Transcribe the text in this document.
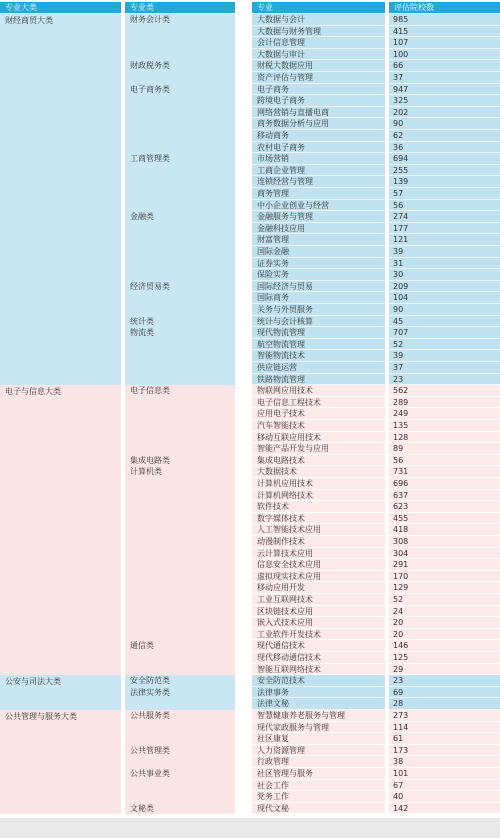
专业大类	专业类	专业	评估院校数
财经商贸大类	财务会计类	大数据与会计	985
大数据与财务管理	415
会计信息管理	107
大数据与审计	100
财政税务类	财税大数据应用	66
资产评估与管理	37
电子商务类	电子商务	947
跨境电子商务	325
网络营销与直播电商	202
商务数据分析与应用	90
移动商务	62
农村电子商务	36
工商管理类	市场营销	694
工商企业管理	255
连锁经营与管理	139
商务管理	57
中小企业创业与经营	56
金融类	金融服务与管理	274
金融科技应用	177
财富管理	121
国际金融	39
证券实务	31
保险实务	30
经济贸易类	国际经济与贸易	209
国际商务	104
关务与外贸服务	90
统计类	统计与会计核算	45
物流类	现代物流管理	707
航空物流管理	52
智能物流技术	39
供应链运营	37
铁路物流管理	23
电子与信息大类	电子信息类	物联网应用技术	562
电子信息工程技术	289
应用电子技术	249
汽车智能技术	135
移动互联应用技术	128
智能产品开发与应用	89
集成电路类	集成电路技术	56
计算机类	大数据技术	731
计算机应用技术	696
计算机网络技术	637
软件技术	623
数字媒体技术	455
人工智能技术应用	418
动漫制作技术	308
云计算技术应用	304
信息安全技术应用	291
虚拟现实技术应用	170
移动应用开发	129
工业互联网技术	52
区块链技术应用	24
嵌入式技术应用	20
工业软件开发技术	20
通信类	现代通信技术	146
现代移动通信技术	125
智能互联网络技术	29
公安与司法大类	安全防范类	安全防范技术	23
法律实务类	法律事务	69
法律文秘	28
公共管理与服务大类	公共服务类	智慧健康养老服务与管理	273
现代家政服务与管理	114
社区康复	61
公共管理类	人力资源管理	173
行政管理	38
公共事业类	社区管理与服务	101
社会工作	67
党务工作	40
文秘类	现代文秘	142
